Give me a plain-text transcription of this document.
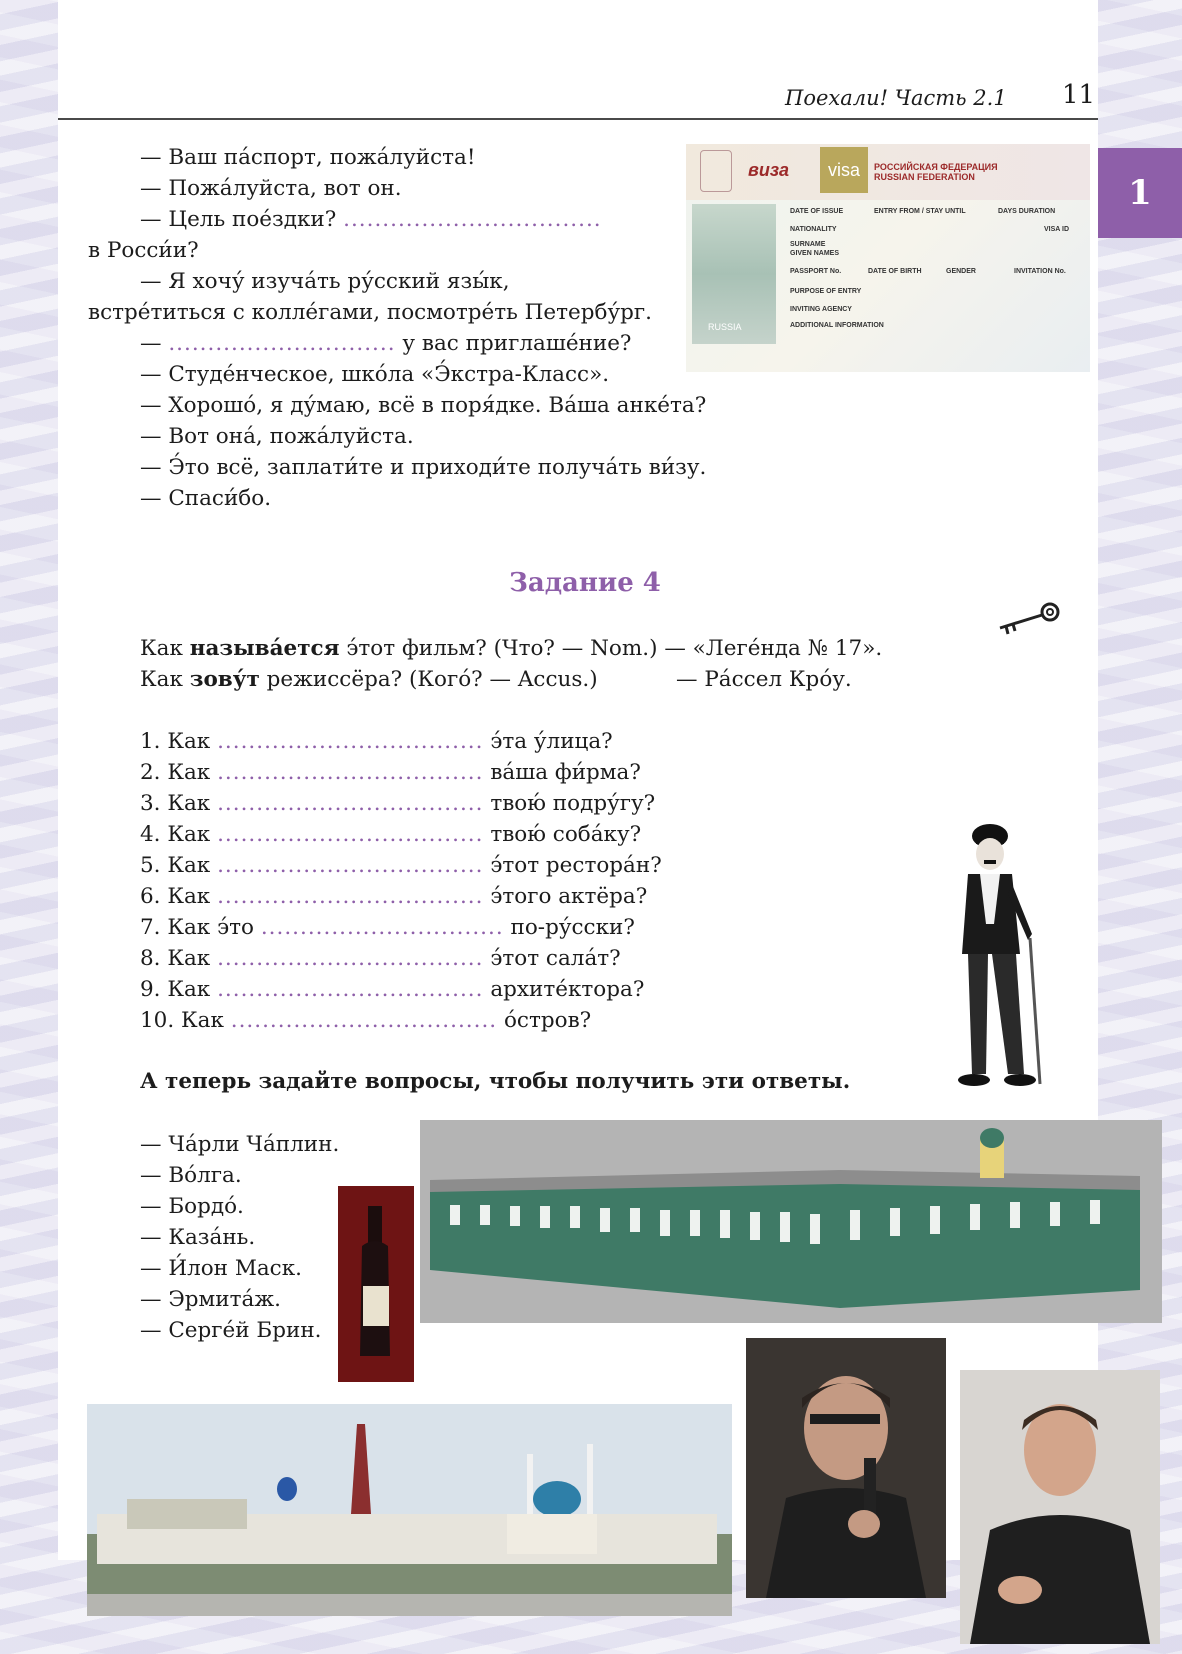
Поехали! Часть 2.1 11
1
— Ваш па́спорт, пожа́луйста!
— Пожа́луйста, вот он.
— Цель поéздки? .................................
в Росси́и?
— Я хочу́ изуча́ть ру́сский язы́к,
встрéтиться с коллéгами, посмотрéть Петербу́рг.
— ............................. у вас приглашéние?
— Студéнческое, шко́ла «Э́кстра-Класс».
— Хорошо́, я ду́маю, всё в поря́дке. Ва́ша анкéта?
— Вот она́, пожа́луйста.
— Э́то всё, заплати́те и приходи́те получа́ть ви́зу.
— Спаси́бо.
виза	visa	РОССИЙСКАЯ ФЕДЕРАЦИЯ
RUSSIAN FEDERATION
RUSSIA
DATE OF ISSUE	ENTRY FROM / STAY UNTIL	DAYS DURATION
NATIONALITY	VISA ID
SURNAME
GIVEN NAMES
PASSPORT No.	DATE OF BIRTH	GENDER	INVITATION No.
PURPOSE OF ENTRY
INVITING AGENCY
ADDITIONAL INFORMATION
Задание 4
Как называ́ется э́тот фильм? (Что? — Nom.) — «Легéнда № 17».
Как зову́т режиссёра? (Кого́? — Accus.)	— Ра́ссел Кро́у.
1. Как .................................. э́та у́лица?
2. Как .................................. ва́ша фи́рма?
3. Как .................................. твою́ подру́гу?
4. Как .................................. твою́ соба́ку?
5. Как .................................. э́тот рестора́н?
6. Как .................................. э́того актёра?
7. Как э́то ............................... по-ру́сски?
8. Как .................................. э́тот сала́т?
9. Как .................................. архитéктора?
10. Как .................................. о́стров?
А теперь задайте вопросы, чтобы получить эти ответы.
— Ча́рли Ча́плин.
— Во́лга.
— Бордо́.
— Каза́нь.
— И́лон Маск.
— Эрмита́ж.
— Сергéй Брин.
